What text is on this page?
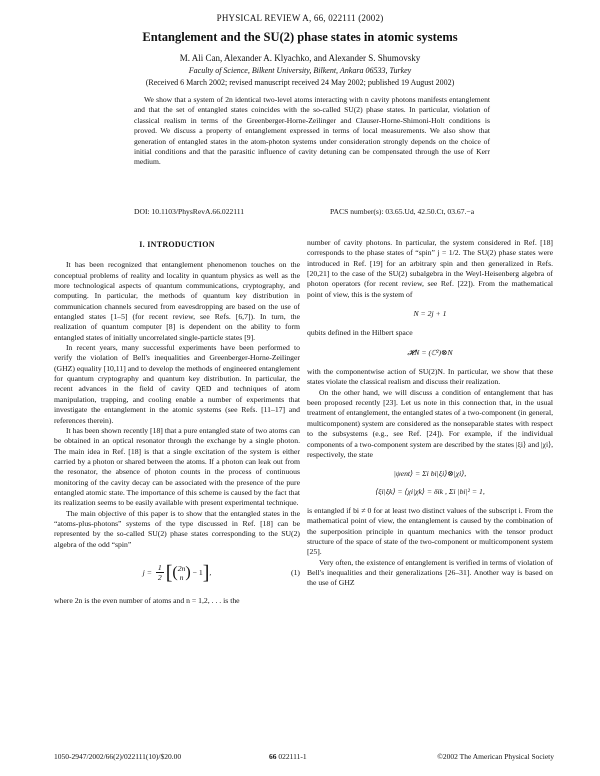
PHYSICAL REVIEW A, 66, 022111 (2002)
Entanglement and the SU(2) phase states in atomic systems
M. Ali Can, Alexander A. Klyachko, and Alexander S. Shumovsky
Faculty of Science, Bilkent University, Bilkent, Ankara 06533, Turkey
(Received 6 March 2002; revised manuscript received 24 May 2002; published 19 August 2002)
We show that a system of 2n identical two-level atoms interacting with n cavity photons manifests entanglement and that the set of entangled states coincides with the so-called SU(2) phase states. In particular, violation of classical realism in terms of the Greenberger-Horne-Zeilinger and Clauser-Horne-Shimoni-Holt conditions is proved. We discuss a property of entanglement expressed in terms of local measurements. We also show that generation of entangled states in the atom-photon systems under consideration strongly depends on the choice of initial conditions and that the parasitic influence of cavity detuning can be compensated through the use of Kerr medium.
DOI: 10.1103/PhysRevA.66.022111	PACS number(s): 03.65.Ud, 42.50.Ct, 03.67.−a
I. INTRODUCTION

It has been recognized that entanglement phenomenon touches on the conceptual problems of reality and locality in quantum physics as well as the more technological aspects of quantum communications, cryptography, and computing. In particular, the methods of quantum key distribution in communication channels secured from eavesdropping are based on the use of entangled states [1–5] (for recent review, see Refs. [6,7]). In turn, the realization of quantum computer [8] is dependent on the ability to form entangled states of initially uncorrelated single-particle states [9].

In recent years, many successful experiments have been performed to verify the violation of Bell's inequalities and Greenberger-Horne-Zeilinger (GHZ) equality [10,11] and to develop the methods of engineered entanglement for quantum cryptography and quantum key distribution. In particular, the recent advances in the field of cavity QED and techniques of atom manipulation, trapping, and cooling enable a number of experiments that investigate the entanglement in the atomic systems (see Refs. [11–17] and references therein).

It has been shown recently [18] that a pure entangled state of two atoms can be obtained in an optical resonator through the exchange by a single photon. The main idea in Ref. [18] is that a single excitation of the system is either carried by a photon or shared between the atoms. If a photon can leak out from the resonator, the absence of photon counts in the process of continuous monitoring of the cavity decay can be associated with the presence of the pure entangled atomic state. The importance of this scheme is caused by the fact that its realization seems to be easily available with present experimental technique.

The main objective of this paper is to show that the entangled states in the “atoms-plus-photons” systems of the type discussed in Ref. [18] can be represented by the so-called SU(2) phase states corresponding to the SU(2) algebra of the odd “spin”

j =
$\frac{1}{2}$ [ ( 2n
n )
− 1 ] ,	(1)

where 2n is the even number of atoms and n = 1,2, . . . is the

number of cavity photons. In particular, the system considered in Ref. [18] corresponds to the phase states of “spin” j = 1/2. The SU(2) phase states were introduced in Ref. [19] for an arbitrary spin and then generalized in Refs. [20,21] to the case of the SU(2) subalgebra in the Weyl-Heisenberg algebra of photon operators (for recent review, see Ref. [22]). From the mathematical point of view, this is the system of

N = 2j + 1

qubits defined in the Hilbert space

𝓗N = (ℂ²)⊗N

with the componentwise action of SU(2)N. In particular, we show that these states violate the classical realism and discuss their realization.

On the other hand, we will discuss a condition of entanglement that has been proposed recently [23]. Let us note in this connection that, in the usual treatment of entanglement, the entangled states of a two-component (in general, multicomponent) system are considered as the nonseparable states with respect to the subsystems (e.g., see Ref. [24]). For example, if the individual components of a two-component system are described by the states |ξi⟩ and |χi⟩, respectively, the state

|ψent⟩ = Σi bi|ξi⟩⊗|χi⟩,
⟨ξi|ξk⟩ = ⟨χi|χk⟩ = δik , Σi |bi|² = 1,

is entangled if bi ≠ 0 for at least two distinct values of the subscript i. From the mathematical point of view, the entanglement is caused by the combination of the superposition principle in quantum mechanics with the tensor product structure of the space of state of the two-component or multicomponent system [25].

Very often, the existence of entanglement is verified in terms of violation of Bell's inequalities and their generalizations [26–31]. Another way is based on the use of GHZ

1050-2947/2002/66(2)/022111(10)/$20.00	66 022111-1	©2002 The American Physical Society
